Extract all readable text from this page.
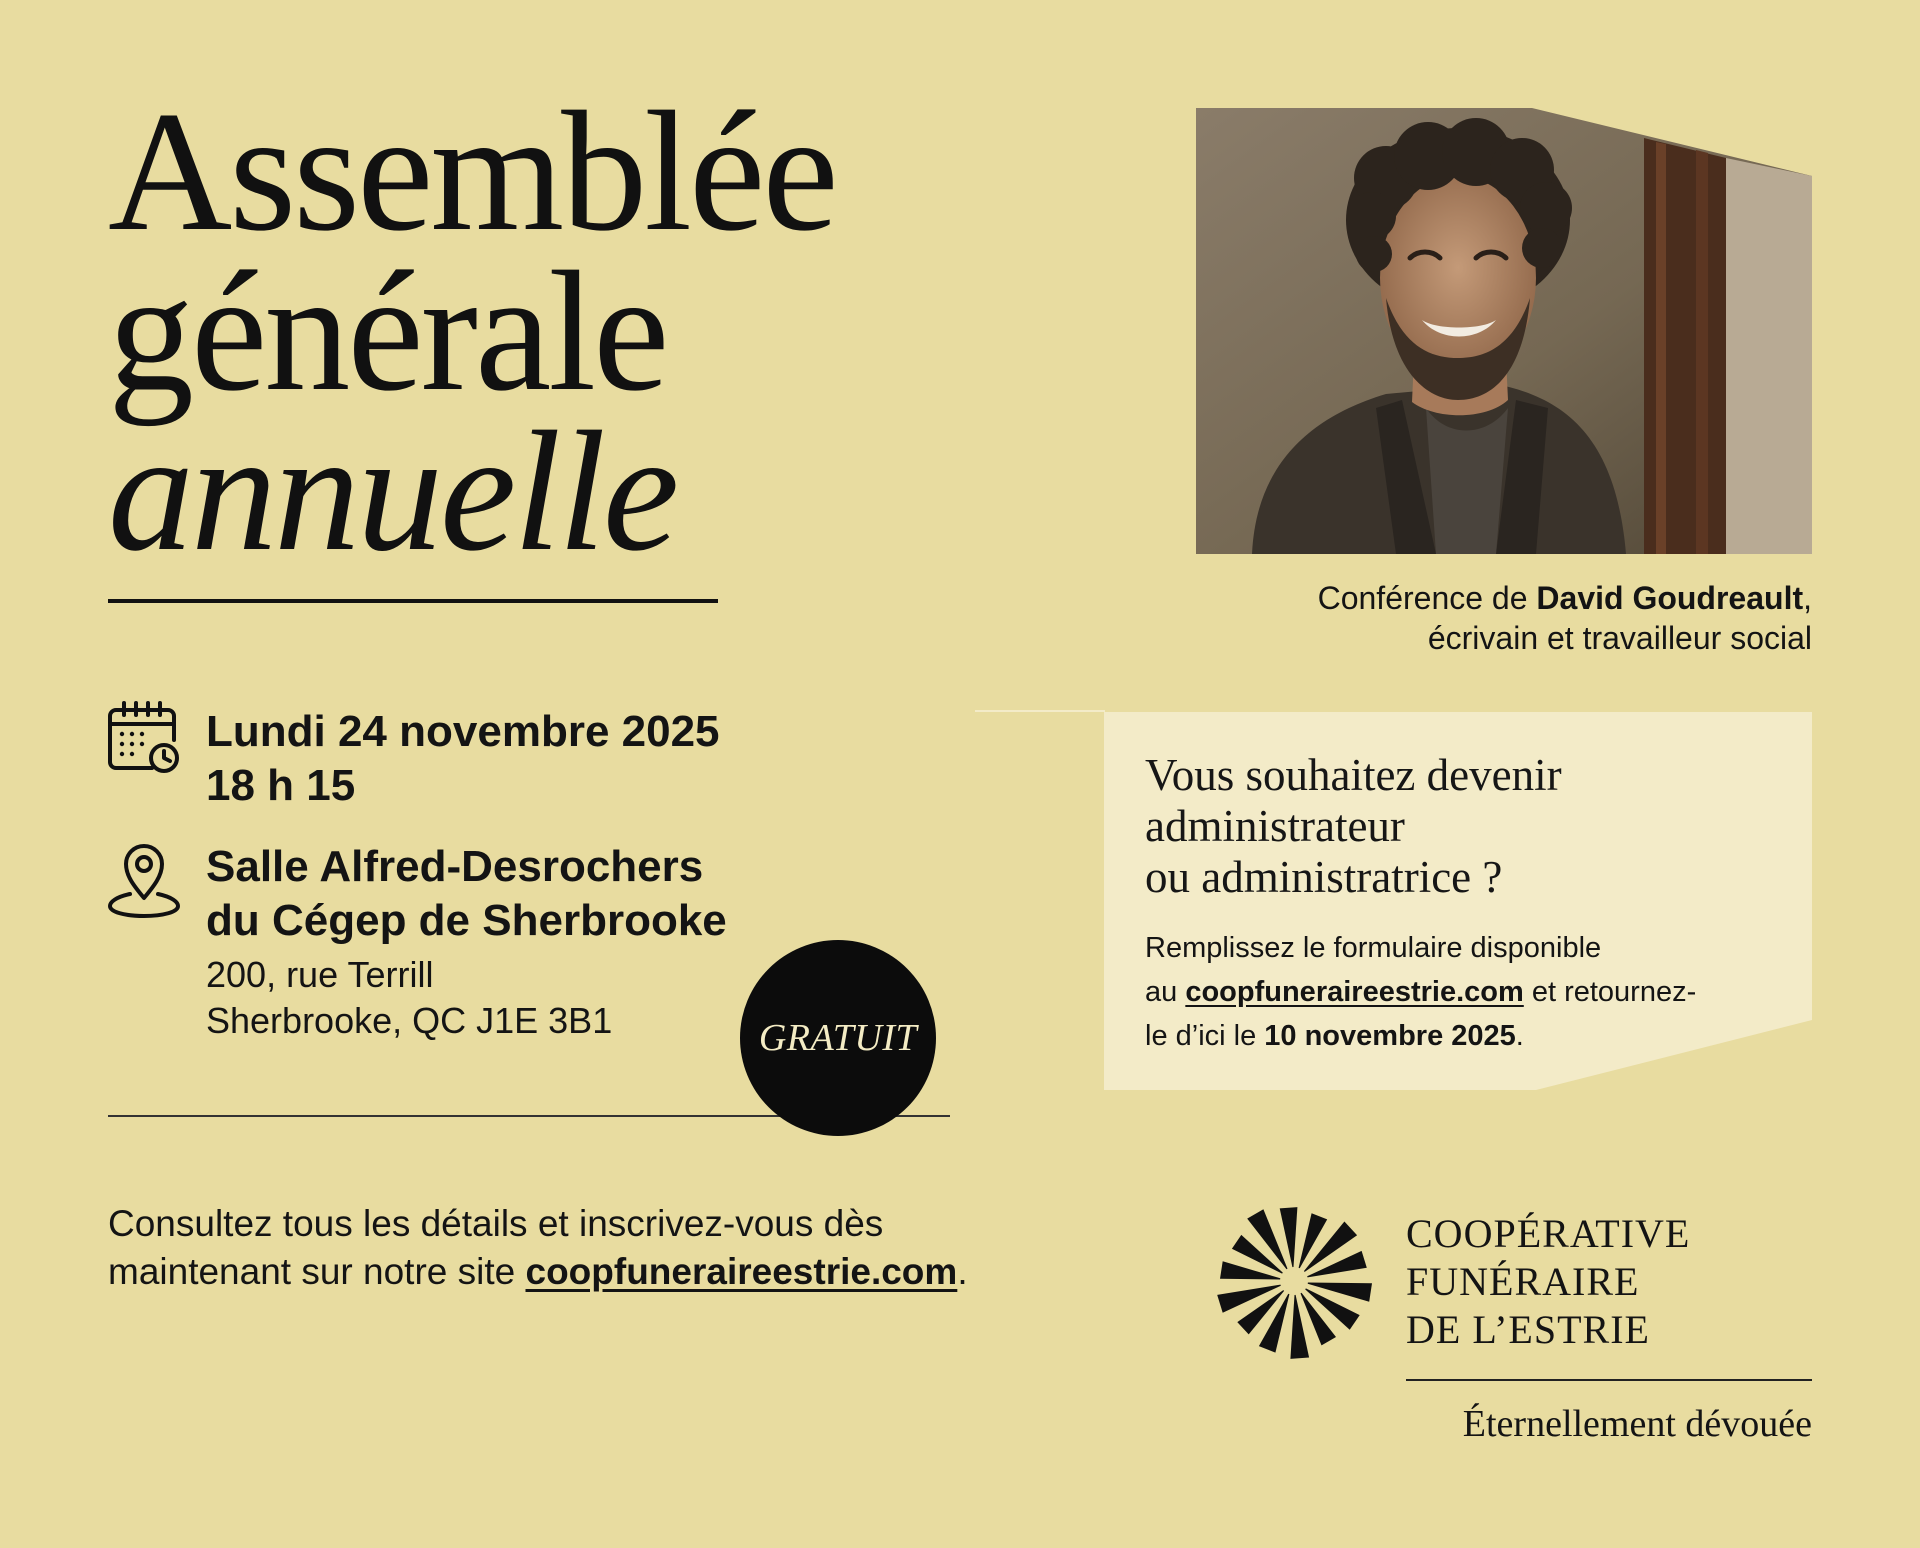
Assemblée
générale
annuelle
Lundi 24 novembre 2025
18 h 15
Salle Alfred-Desrochers
du Cégep de Sherbrooke
200, rue Terrill
Sherbrooke, QC J1E 3B1	GRATUIT
Consultez tous les détails et inscrivez-vous dès
maintenant sur notre site coopfuneraireestrie.com.
Conférence de David Goudreault,
écrivain et travailleur social
Vous souhaitez devenir
administrateur
ou administratrice ?
Remplissez le formulaire disponible
au coopfuneraireestrie.com et retournez-
le d’ici le 10 novembre 2025.
COOPÉRATIVE
FUNÉRAIRE
DE L’ESTRIE
Éternellement dévouée
